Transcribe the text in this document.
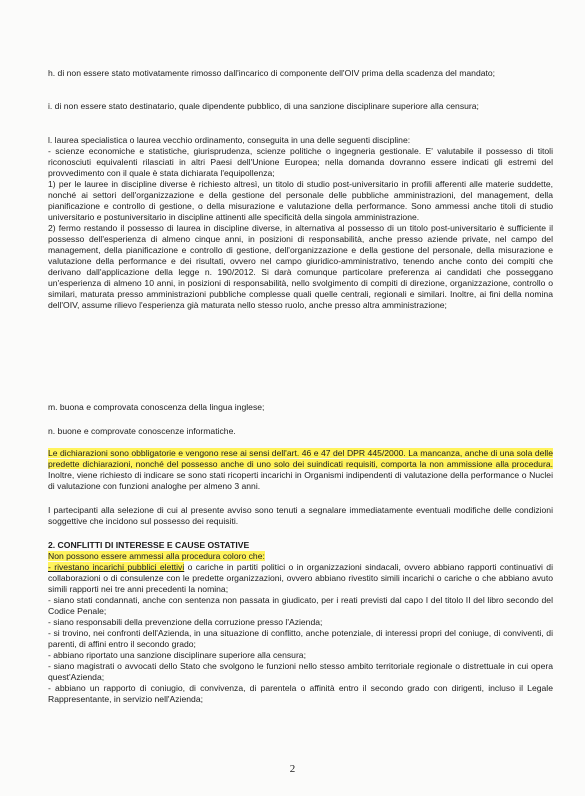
h. di non essere stato motivatamente rimosso dall'incarico di componente dell'OIV prima della scadenza del mandato;

i. di non essere stato destinatario, quale dipendente pubblico, di una sanzione disciplinare superiore alla censura;

l. laurea specialistica o laurea vecchio ordinamento, conseguita in una delle seguenti discipline:
- scienze economiche e statistiche, giurisprudenza, scienze politiche o ingegneria gestionale. E' valutabile il possesso di titoli riconosciuti equivalenti rilasciati in altri Paesi dell'Unione Europea; nella domanda dovranno essere indicati gli estremi del provvedimento con il quale è stata dichiarata l'equipollenza;
1) per le lauree in discipline diverse è richiesto altresì, un titolo di studio post-universitario in profili afferenti alle materie suddette, nonché ai settori dell'organizzazione e della gestione del personale delle pubbliche amministrazioni, del management, della pianificazione e controllo di gestione, o della misurazione e valutazione della performance. Sono ammessi anche titoli di studio universitario e postuniversitario in discipline attinenti alle specificità della singola amministrazione.
2) fermo restando il possesso di laurea in discipline diverse, in alternativa al possesso di un titolo post-universitario è sufficiente il possesso dell'esperienza di almeno cinque anni, in posizioni di responsabilità, anche presso aziende private, nel campo del management, della pianificazione e controllo di gestione, dell'organizzazione e della gestione del personale, della misurazione e valutazione della performance e dei risultati, ovvero nel campo giuridico-amministrativo, tenendo anche conto dei compiti che derivano dall'applicazione della legge n. 190/2012. Si darà comunque particolare preferenza ai candidati che posseggano un'esperienza di almeno 10 anni, in posizioni di responsabilità, nello svolgimento di compiti di direzione, organizzazione, controllo o similari, maturata presso amministrazioni pubbliche complesse quali quelle centrali, regionali e similari. Inoltre, ai fini della nomina dell'OIV, assume rilievo l'esperienza già maturata nello stesso ruolo, anche presso altra amministrazione;

m. buona e comprovata conoscenza della lingua inglese;

n. buone e comprovate conoscenze informatiche.

Le dichiarazioni sono obbligatorie e vengono rese ai sensi dell'art. 46 e 47 del DPR 445/2000. La mancanza, anche di una sola delle predette dichiarazioni, nonché del possesso anche di uno solo dei suindicati requisiti, comporta la non ammissione alla procedura. Inoltre, viene richiesto di indicare se sono stati ricoperti incarichi in Organismi indipendenti di valutazione della performance o Nuclei di valutazione con funzioni analoghe per almeno 3 anni.

I partecipanti alla selezione di cui al presente avviso sono tenuti a segnalare immediatamente eventuali modifiche delle condizioni soggettive che incidono sul possesso dei requisiti.

2. CONFLITTI DI INTERESSE E CAUSE OSTATIVE
Non possono essere ammessi alla procedura coloro che:
- rivestano incarichi pubblici elettivi o cariche in partiti politici o in organizzazioni sindacali, ovvero abbiano rapporti continuativi di collaborazioni o di consulenze con le predette organizzazioni, ovvero abbiano rivestito simili incarichi o cariche o che abbiano avuto simili rapporti nei tre anni precedenti la nomina;
- siano stati condannati, anche con sentenza non passata in giudicato, per i reati previsti dal capo I del titolo II del libro secondo del Codice Penale;
- siano responsabili della prevenzione della corruzione presso l'Azienda;
- si trovino, nei confronti dell'Azienda, in una situazione di conflitto, anche potenziale, di interessi propri del coniuge, di conviventi, di parenti, di affini entro il secondo grado;
- abbiano riportato una sanzione disciplinare superiore alla censura;
- siano magistrati o avvocati dello Stato che svolgono le funzioni nello stesso ambito territoriale regionale o distrettuale in cui opera quest'Azienda;
- abbiano un rapporto di coniugio, di convivenza, di parentela o affinità entro il secondo grado con dirigenti, incluso il Legale Rappresentante, in servizio nell'Azienda;
2
